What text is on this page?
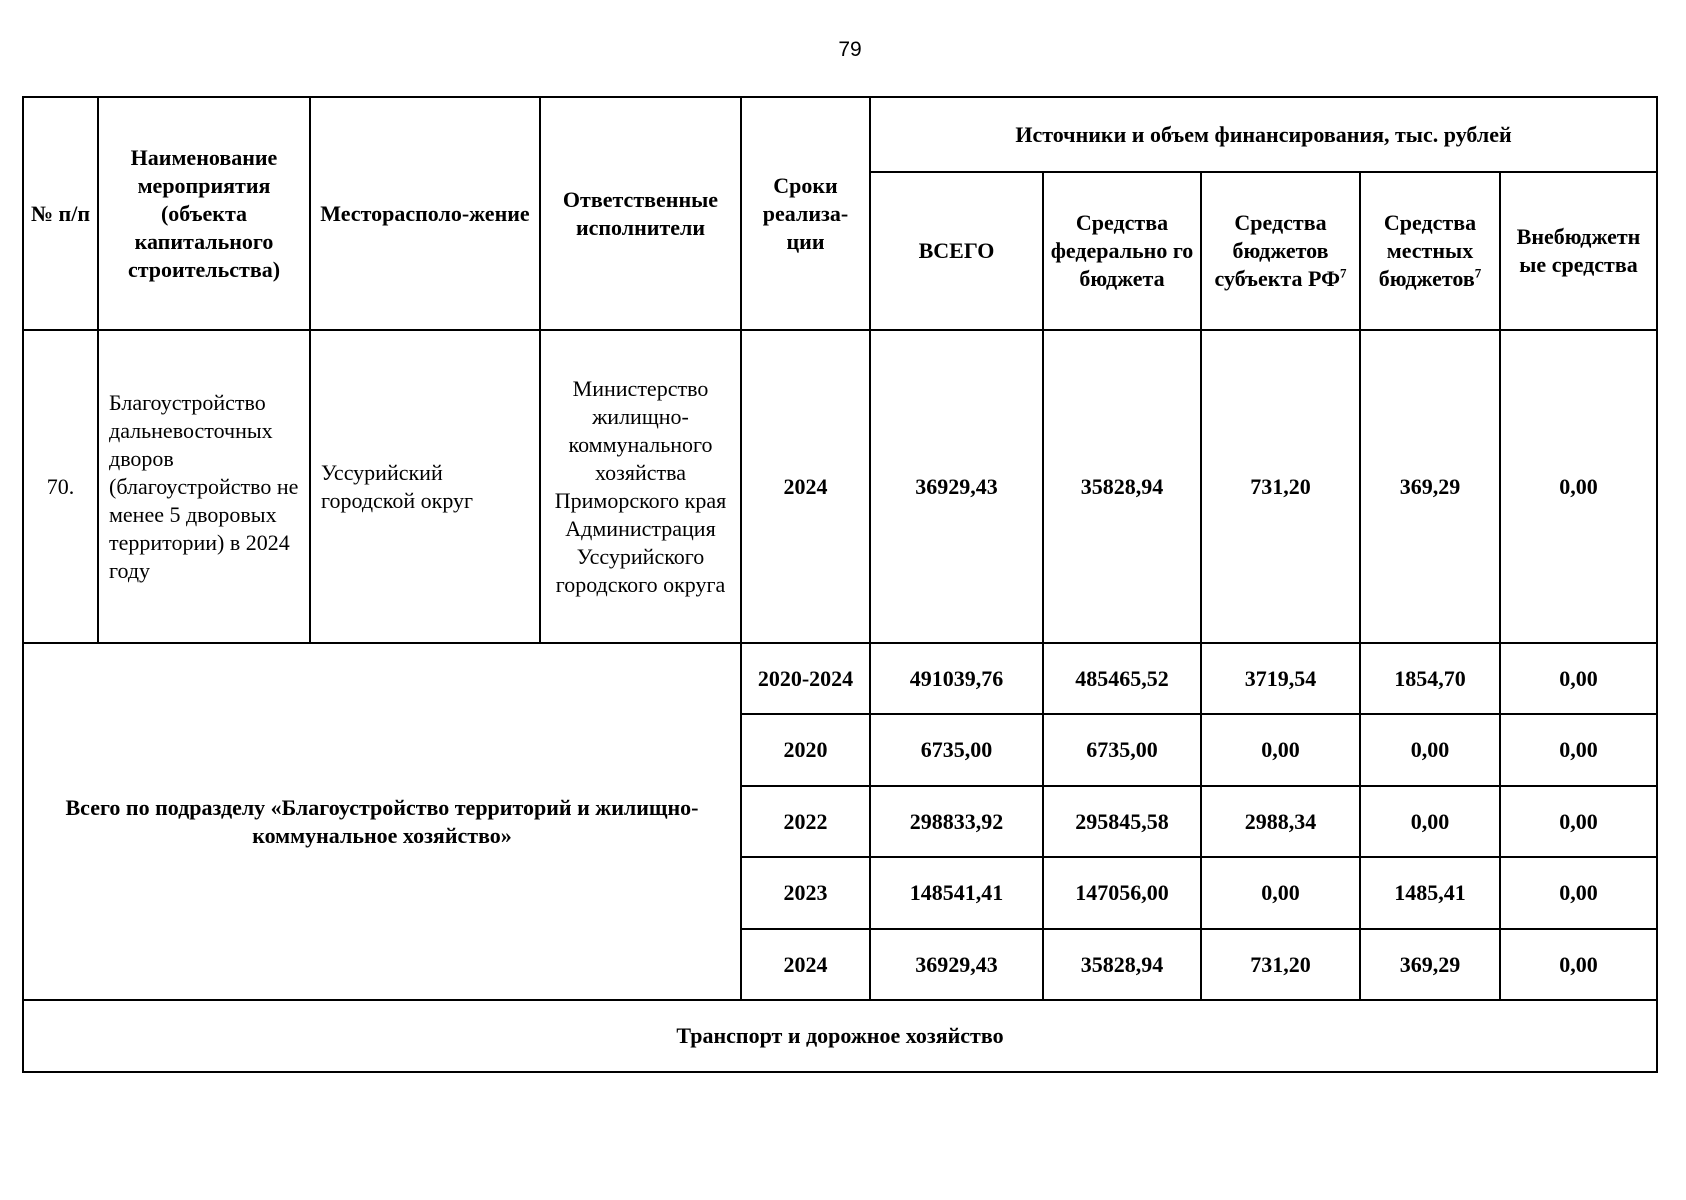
79
№ п/п	Наименование мероприятия (объекта капитального строительства)	Месторасполо-жение	Ответственные исполнители	Сроки реализа-ции	Источники и объем финансирования, тыс. рублей				
					ВСЕГО	Средства федерально го бюджета	Средства бюджетов субъекта $РФ^7$	Средства местных бюджетов$^7$	Внебюджетн ые средства
70.	Благоустройство дальневосточных дворов (благоустройство не менее 5 дворовых территории) в 2024 году	Уссурийский городской округ	Министерство жилищно-коммунального хозяйства Приморского края Администрация Уссурийского городского округа	2024	36929,43	35828,94	731,20	369,29	0,00
Всего по подразделу «Благоустройство территорий и жилищно-коммунальное хозяйство»				2020-2024	491039,76	485465,52	3719,54	1854,70	0,00
				2020	6735,00	6735,00	0,00	0,00	0,00
				2022	298833,92	295845,58	2988,34	0,00	0,00
				2023	148541,41	147056,00	0,00	1485,41	0,00
				2024	36929,43	35828,94	731,20	369,29	0,00
Транспорт и дорожное хозяйство									
